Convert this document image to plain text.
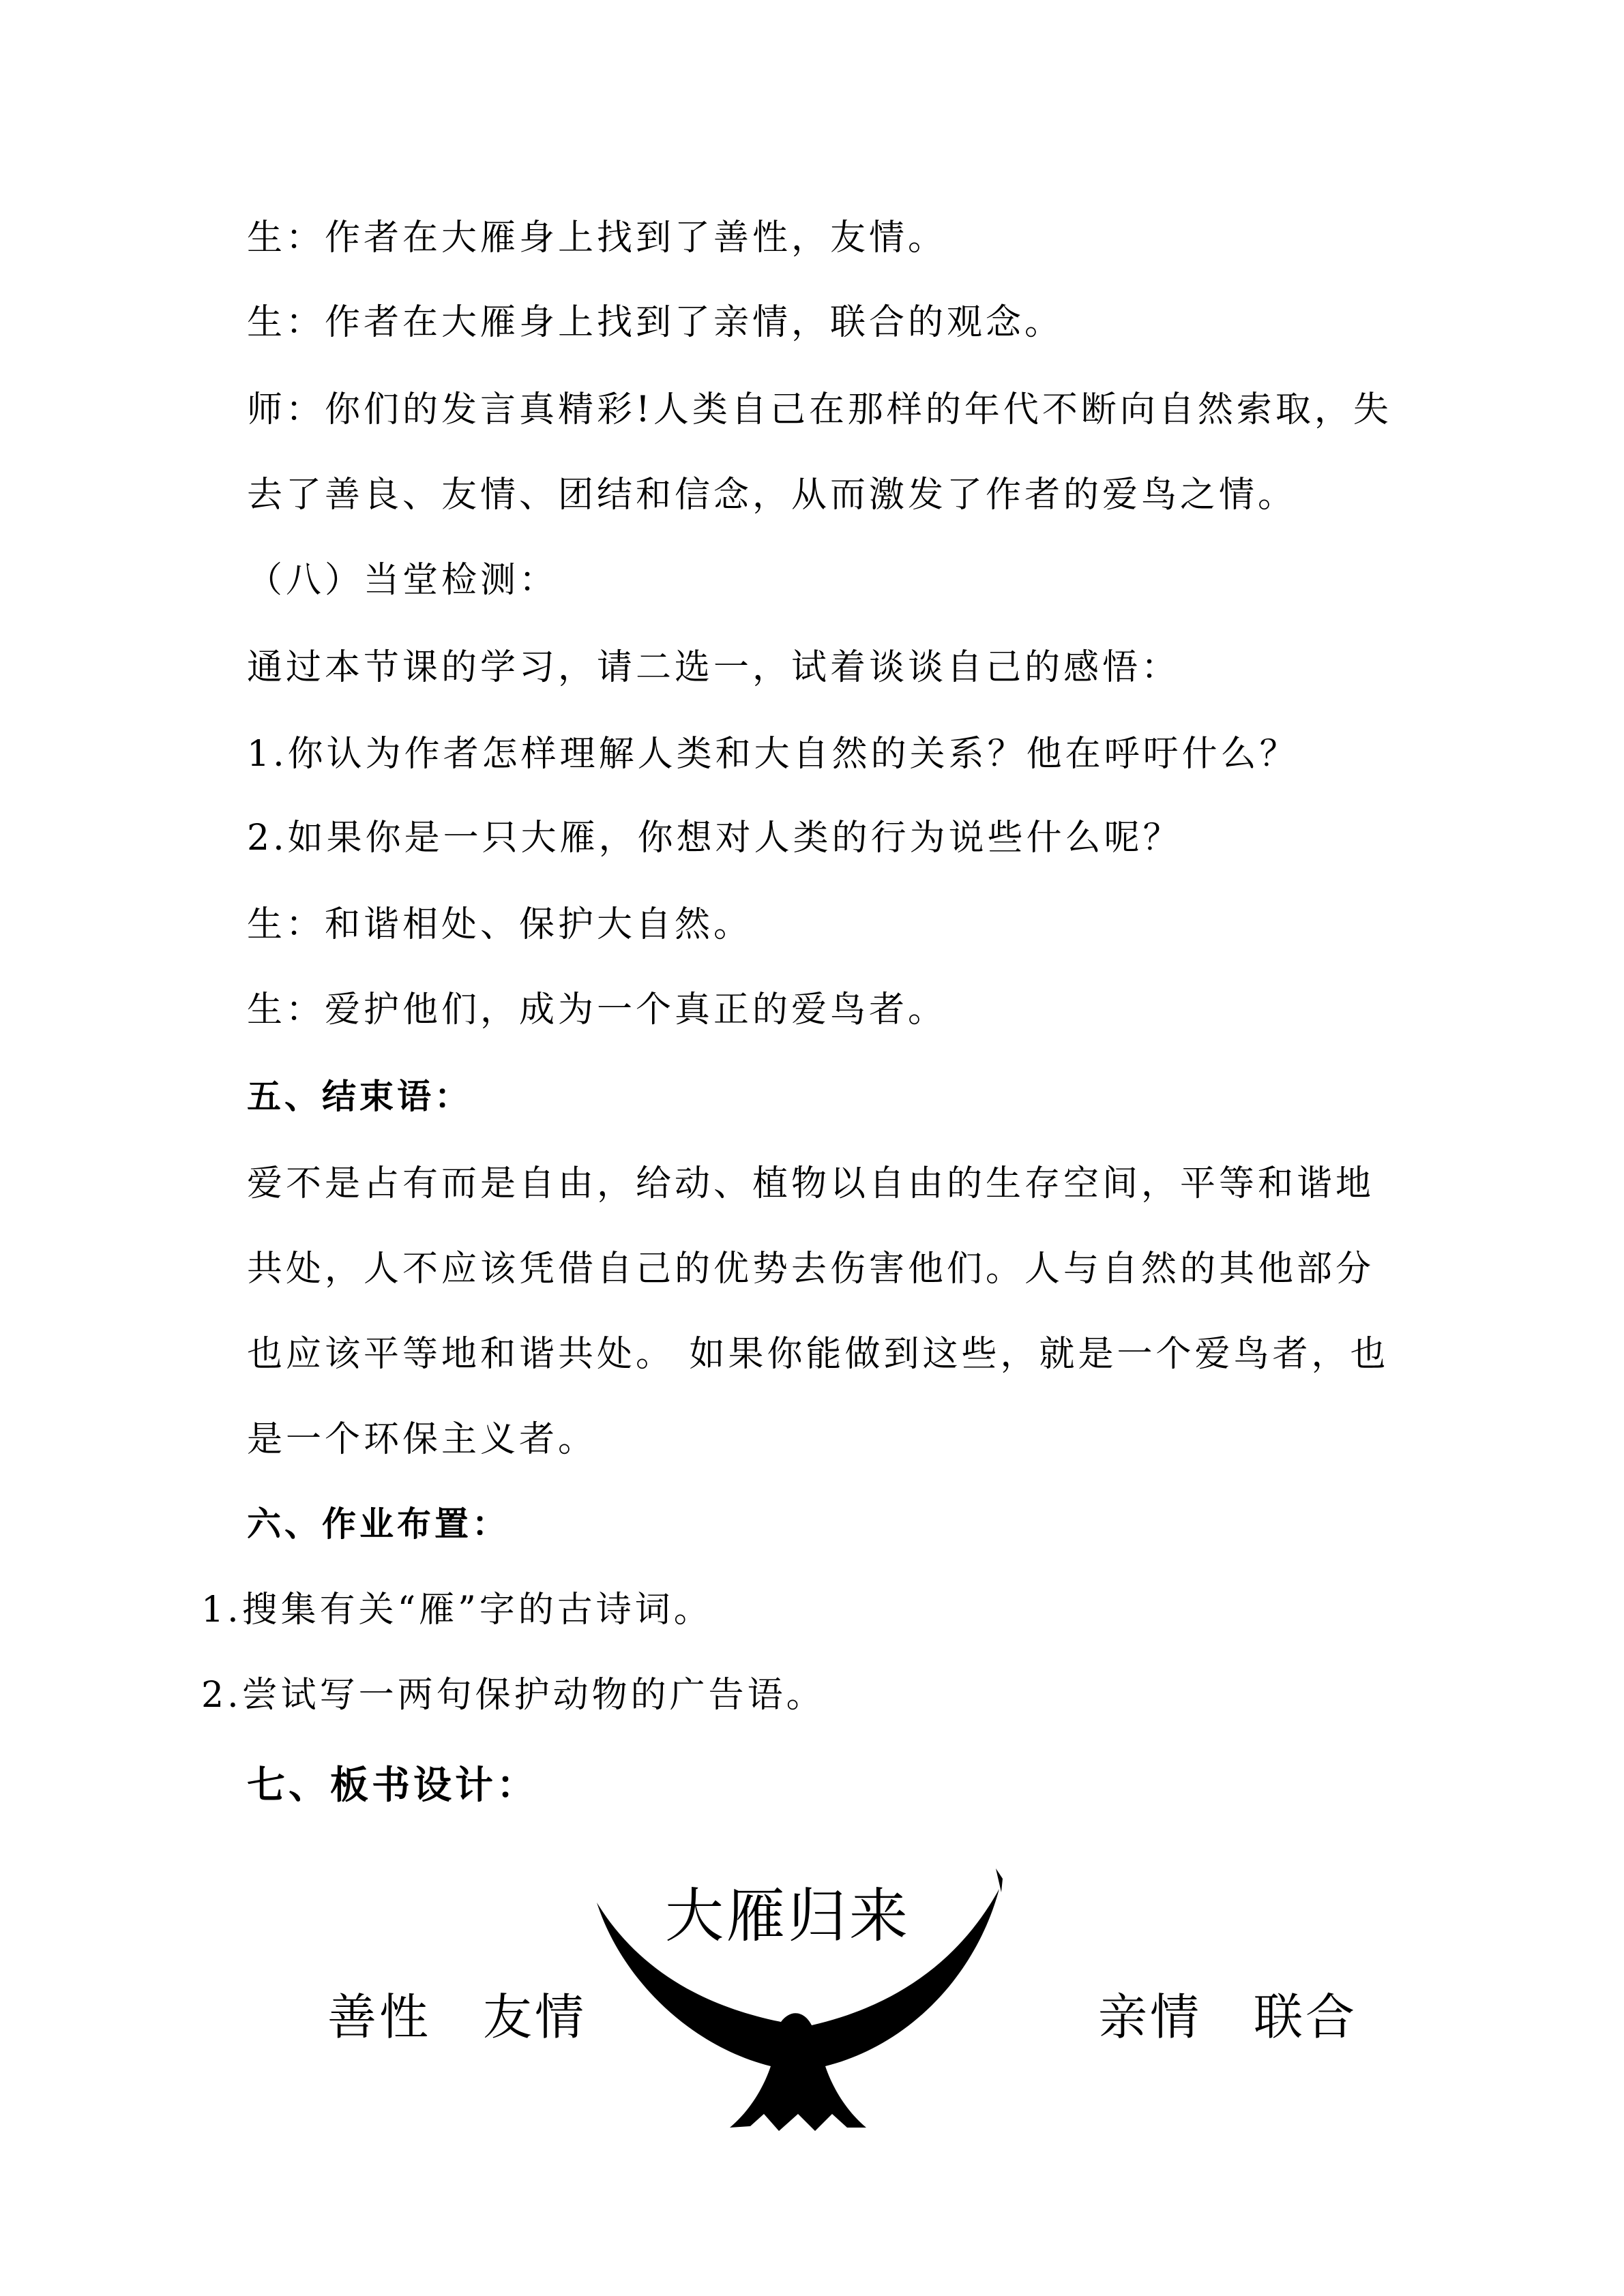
生：作者在大雁身上找到了善性，友情。

生：作者在大雁身上找到了亲情，联合的观念。

师：你们的发言真精彩!人类自己在那样的年代不断向自然索取，失

去了善良、友情、团结和信念，从而激发了作者的爱鸟之情。

（八）当堂检测：

通过本节课的学习，请二选一，试着谈谈自己的感悟：

1.你认为作者怎样理解人类和大自然的关系？他在呼吁什么？

2.如果你是一只大雁，你想对人类的行为说些什么呢？

生：和谐相处、保护大自然。

生：爱护他们，成为一个真正的爱鸟者。

五、结束语：

爱不是占有而是自由，给动、植物以自由的生存空间，平等和谐地

共处，人不应该凭借自己的优势去伤害他们。人与自然的其他部分

也应该平等地和谐共处。 如果你能做到这些，就是一个爱鸟者，也

是一个环保主义者。

六、作业布置：

1.搜集有关“雁”字的古诗词。

2.尝试写一两句保护动物的广告语。

七、板书设计：

大雁归来

善性　友情	亲情　联合
